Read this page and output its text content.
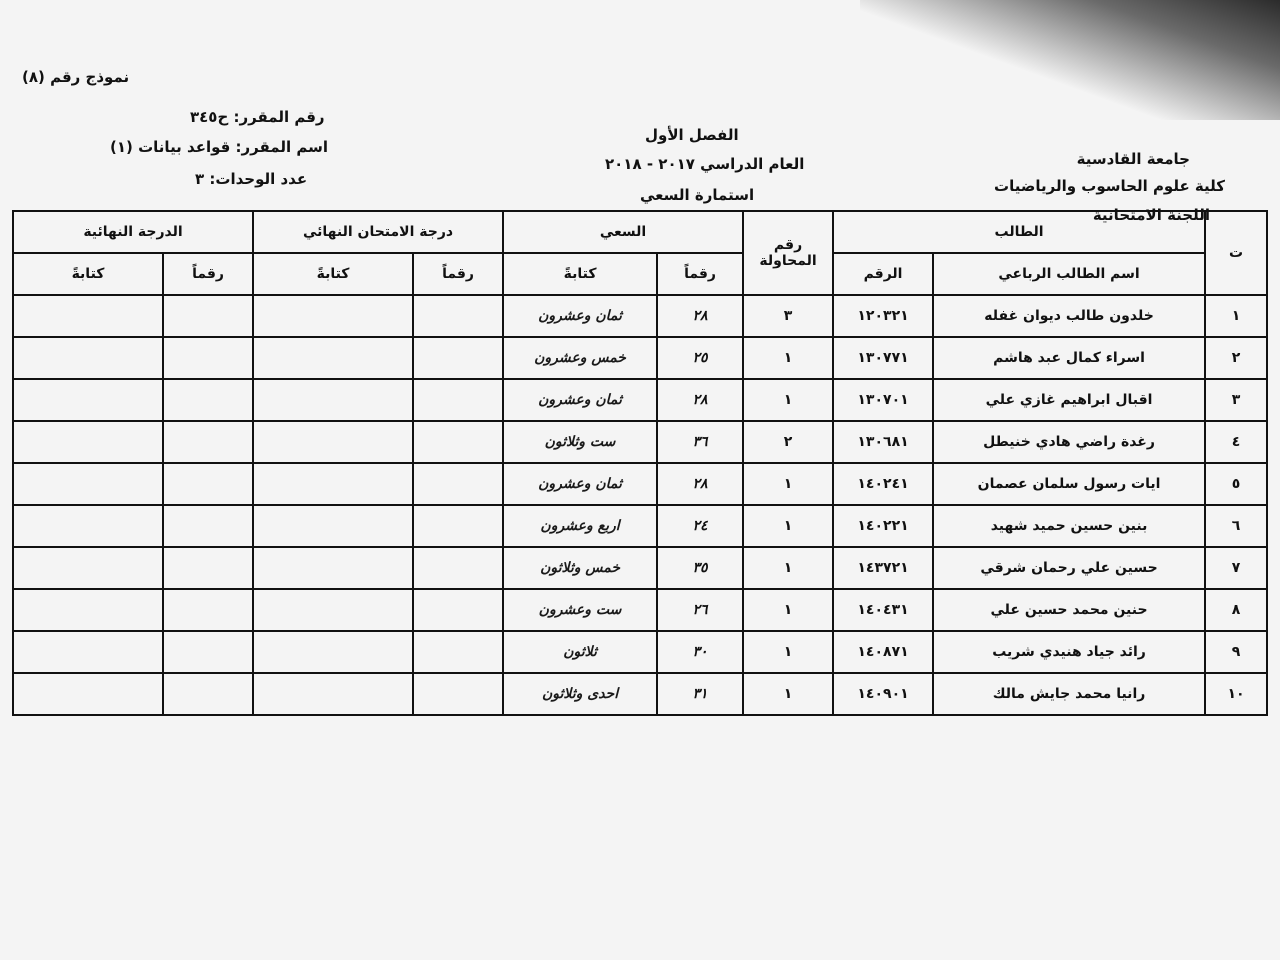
نموذج رقم (٨)
رقم المقرر: ح٣٤٥
اسم المقرر: قواعد بيانات (١)
عدد الوحدات: ٣
الفصل الأول
العام الدراسي ٢٠١٧ - ٢٠١٨
استمارة السعي
جامعة القادسية
كلية علوم الحاسوب والرياضيات
اللجنة الامتحانية
ت	الطالب		رقم المحاولة	السعي		درجة الامتحان النهائي		الدرجة النهائية	
	اسم الطالب الرباعي	الرقم		رقماً	كتابةً	رقماً	كتابةً	رقماً	كتابةً
١	خلدون طالب ديوان غفله	١٢٠٣٢١	٣	٢٨	ثمان وعشرون				
٢	اسراء كمال عبد هاشم	١٣٠٧٧١	١	٢٥	خمس وعشرون				
٣	اقبال ابراهيم غازي علي	١٣٠٧٠١	١	٢٨	ثمان وعشرون				
٤	رغدة راضي هادي خنيطل	١٣٠٦٨١	٢	٣٦	ست وثلاثون				
٥	ايات رسول سلمان عصمان	١٤٠٢٤١	١	٢٨	ثمان وعشرون				
٦	بنين حسين حميد شهيد	١٤٠٢٢١	١	٢٤	اربع وعشرون				
٧	حسين علي رحمان شرقي	١٤٣٧٢١	١	٣٥	خمس وثلاثون				
٨	حنين محمد حسين علي	١٤٠٤٣١	١	٢٦	ست وعشرون				
٩	رائد جياد هنيدي شريب	١٤٠٨٧١	١	٣٠	ثلاثون				
١٠	رانيا محمد جايش مالك	١٤٠٩٠١	١	٣١	احدى وثلاثون				
